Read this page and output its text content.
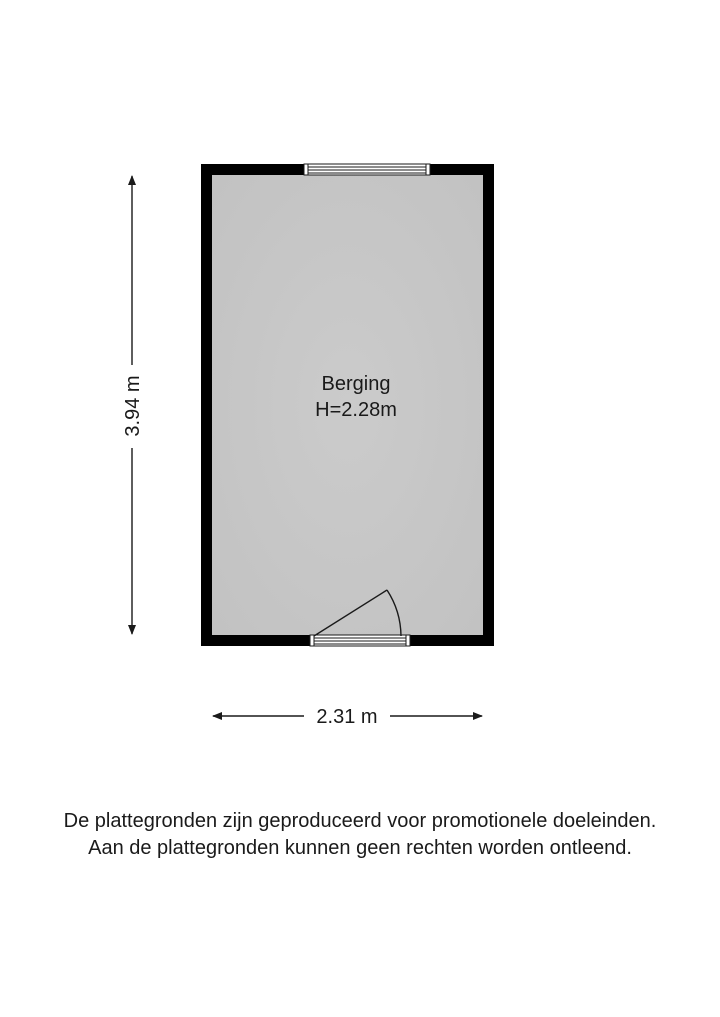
Berging
H=2.28m
3.94 m
2.31 m
De plattegronden zijn geproduceerd voor promotionele doeleinden.
Aan de plattegronden kunnen geen rechten worden ontleend.
